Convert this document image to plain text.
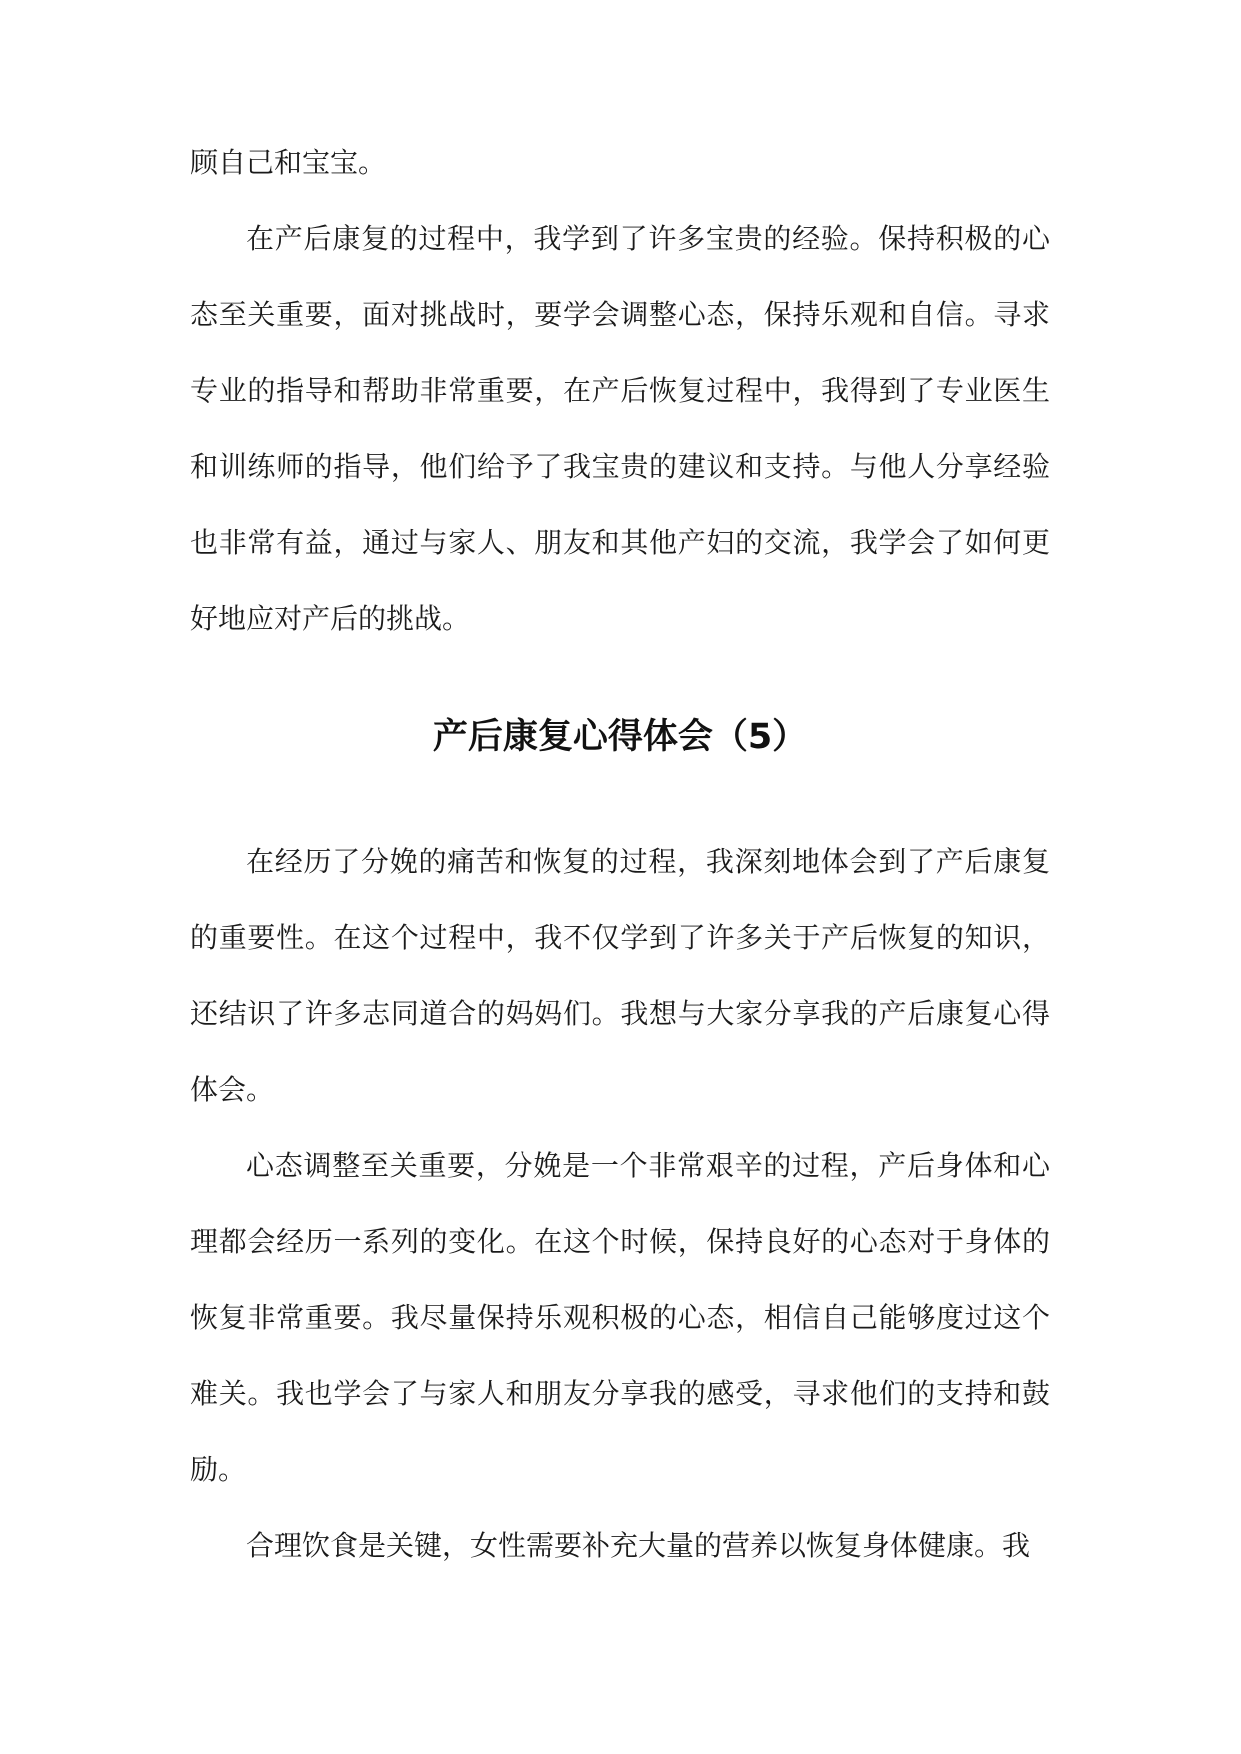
顾自己和宝宝。

在产后康复的过程中，我学到了许多宝贵的经验。保持积极的心态至关重要，面对挑战时，要学会调整心态，保持乐观和自信。寻求专业的指导和帮助非常重要，在产后恢复过程中，我得到了专业医生和训练师的指导，他们给予了我宝贵的建议和支持。与他人分享经验也非常有益，通过与家人、朋友和其他产妇的交流，我学会了如何更好地应对产后的挑战。

产后康复心得体会（5）

在经历了分娩的痛苦和恢复的过程，我深刻地体会到了产后康复的重要性。在这个过程中，我不仅学到了许多关于产后恢复的知识，还结识了许多志同道合的妈妈们。我想与大家分享我的产后康复心得体会。

心态调整至关重要，分娩是一个非常艰辛的过程，产后身体和心理都会经历一系列的变化。在这个时候，保持良好的心态对于身体的恢复非常重要。我尽量保持乐观积极的心态，相信自己能够度过这个难关。我也学会了与家人和朋友分享我的感受，寻求他们的支持和鼓励。

合理饮食是关键，女性需要补充大量的营养以恢复身体健康。我
